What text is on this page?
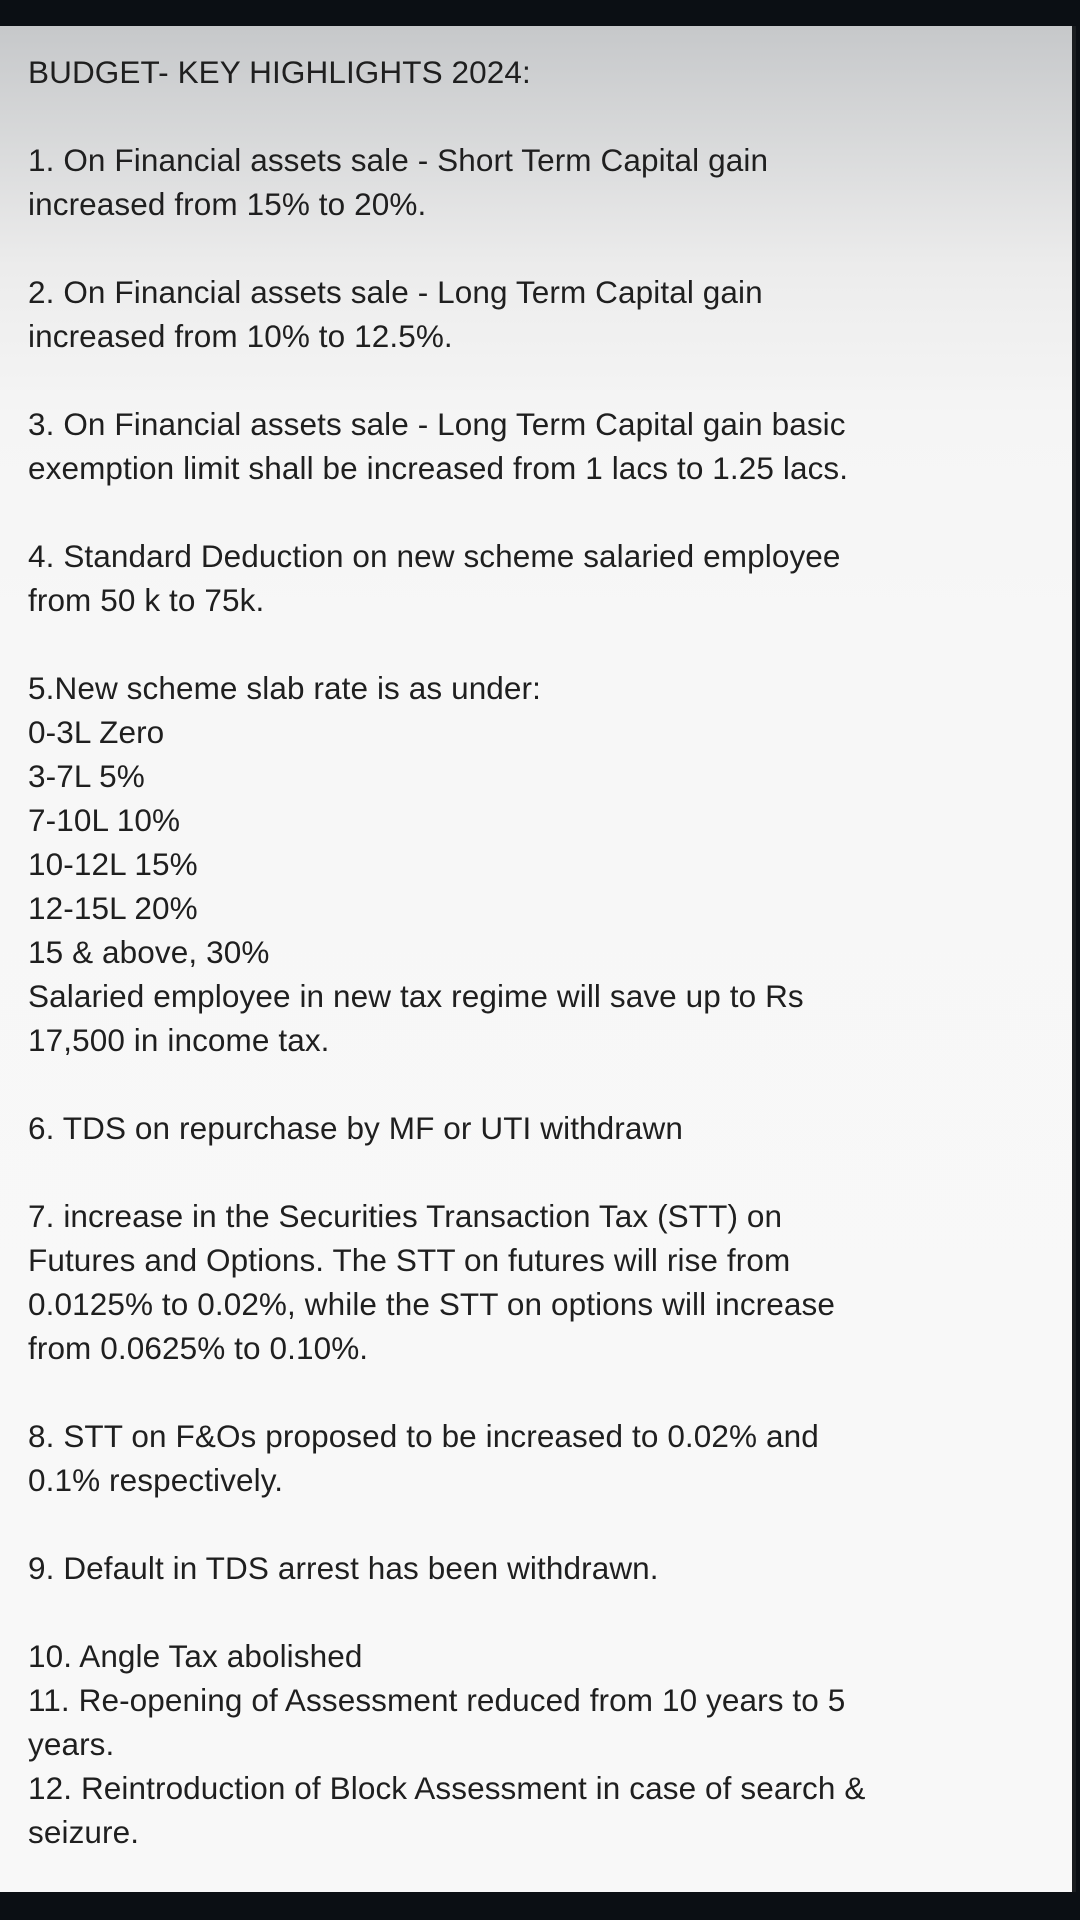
BUDGET- KEY HIGHLIGHTS 2024:
1. On Financial assets sale - Short Term Capital gain
increased from 15% to 20%.
2. On Financial assets sale - Long Term Capital gain
increased from 10% to 12.5%.
3. On Financial assets sale - Long Term Capital gain basic
exemption limit shall be increased from 1 lacs to 1.25 lacs.
4. Standard Deduction on new scheme salaried employee
from 50 k to 75k.
5.New scheme slab rate is as under:
0-3L Zero
3-7L 5%
7-10L 10%
10-12L 15%
12-15L 20%
15 & above, 30%
Salaried employee in new tax regime will save up to Rs
17,500 in income tax.
6. TDS on repurchase by MF or UTI withdrawn
7. increase in the Securities Transaction Tax (STT) on
Futures and Options. The STT on futures will rise from
0.0125% to 0.02%, while the STT on options will increase
from 0.0625% to 0.10%.
8. STT on F&Os proposed to be increased to 0.02% and
0.1% respectively.
9. Default in TDS arrest has been withdrawn.
10. Angle Tax abolished
11. Re-opening of Assessment reduced from 10 years to 5
years.
12. Reintroduction of Block Assessment in case of search &
seizure.
